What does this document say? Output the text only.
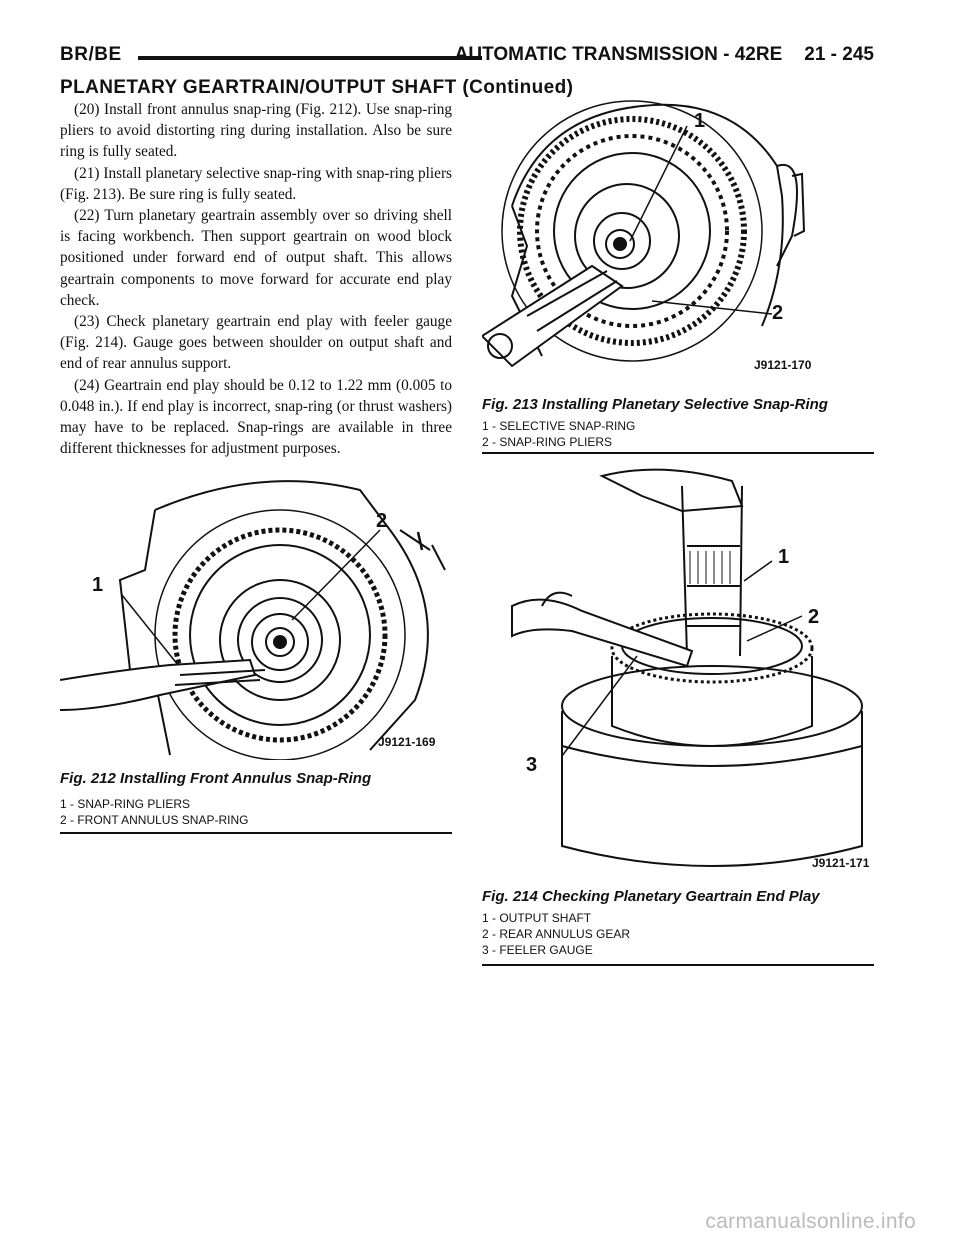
BR/BE	AUTOMATIC TRANSMISSION - 42RE 21 - 245
PLANETARY GEARTRAIN/OUTPUT SHAFT (Continued)

(20) Install front annulus snap-ring (Fig. 212). Use snap-ring pliers to avoid distorting ring during installation. Also be sure ring is fully seated.

(21) Install planetary selective snap-ring with snap-ring pliers (Fig. 213). Be sure ring is fully seated.

(22) Turn planetary geartrain assembly over so driving shell is facing workbench. Then support geartrain on wood block positioned under forward end of output shaft. This allows geartrain components to move forward for accurate end play check.

(23) Check planetary geartrain end play with feeler gauge (Fig. 214). Gauge goes between shoulder on output shaft and end of rear annulus support.

(24) Geartrain end play should be 0.12 to 1.22 mm (0.005 to 0.048 in.). If end play is incorrect, snap-ring (or thrust washers) may have to be replaced. Snap-rings are available in three different thicknesses for adjustment purposes.

1
2
J9121-169
Fig. 212 Installing Front Annulus Snap-Ring
1 - SNAP-RING PLIERS
2 - FRONT ANNULUS SNAP-RING
1
2
J9121-170
Fig. 213 Installing Planetary Selective Snap-Ring
1 - SELECTIVE SNAP-RING
2 - SNAP-RING PLIERS
1
2
3
J9121-171
Fig. 214 Checking Planetary Geartrain End Play
1 - OUTPUT SHAFT
2 - REAR ANNULUS GEAR
3 - FEELER GAUGE
carmanualsonline.info
